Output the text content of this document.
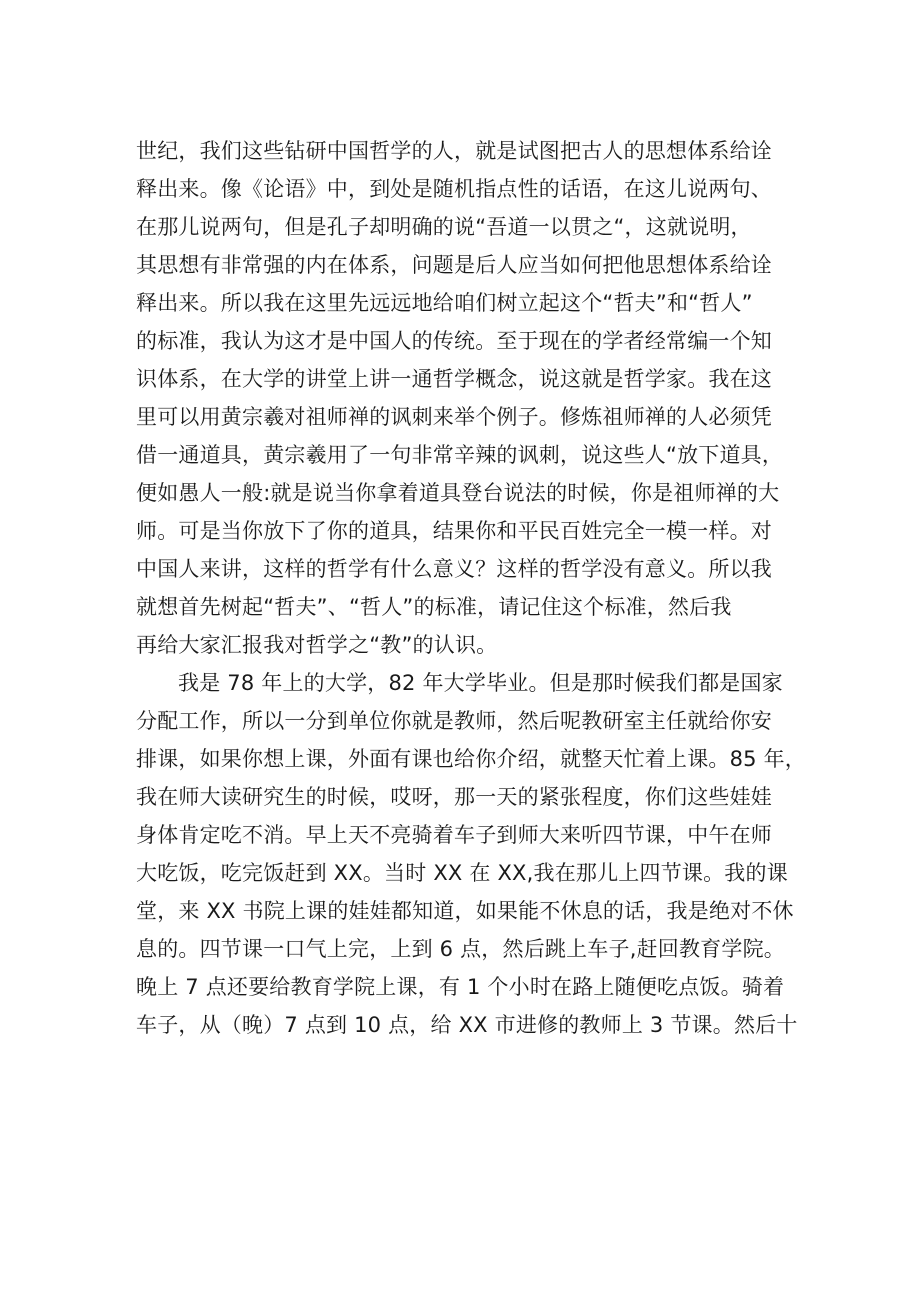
世纪，我们这些钻研中国哲学的人，就是试图把古人的思想体系给诠
释出来。像《论语》中，到处是随机指点性的话语，在这儿说两句、
在那儿说两句，但是孔子却明确的说“吾道一以贯之“，这就说明，
其思想有非常强的内在体系，问题是后人应当如何把他思想体系给诠
释出来。所以我在这里先远远地给咱们树立起这个“哲夫”和“哲人”
的标准，我认为这才是中国人的传统。至于现在的学者经常编一个知
识体系，在大学的讲堂上讲一通哲学概念，说这就是哲学家。我在这
里可以用黄宗羲对祖师禅的讽刺来举个例子。修炼祖师禅的人必须凭
借一通道具，黄宗羲用了一句非常辛辣的讽刺，说这些人“放下道具，
便如愚人一般:就是说当你拿着道具登台说法的时候，你是祖师禅的大
师。可是当你放下了你的道具，结果你和平民百姓完全一模一样。对
中国人来讲，这样的哲学有什么意义？这样的哲学没有意义。所以我
就想首先树起“哲夫”、“哲人”的标准，请记住这个标准，然后我
再给大家汇报我对哲学之“教”的认识。
我是 78 年上的大学，82 年大学毕业。但是那时候我们都是国家
分配工作，所以一分到单位你就是教师，然后呢教研室主任就给你安
排课，如果你想上课，外面有课也给你介绍，就整天忙着上课。85 年，
我在师大读研究生的时候，哎呀，那一天的紧张程度，你们这些娃娃
身体肯定吃不消。早上天不亮骑着车子到师大来听四节课，中午在师
大吃饭，吃完饭赶到 XX。当时 XX 在 XX,我在那儿上四节课。我的课
堂，来 XX 书院上课的娃娃都知道，如果能不休息的话，我是绝对不休
息的。四节课一口气上完，上到 6 点，然后跳上车子,赶回教育学院。
晚上 7 点还要给教育学院上课，有 1 个小时在路上随便吃点饭。骑着
车子，从（晚）7 点到 10 点，给 XX 市进修的教师上 3 节课。然后十
